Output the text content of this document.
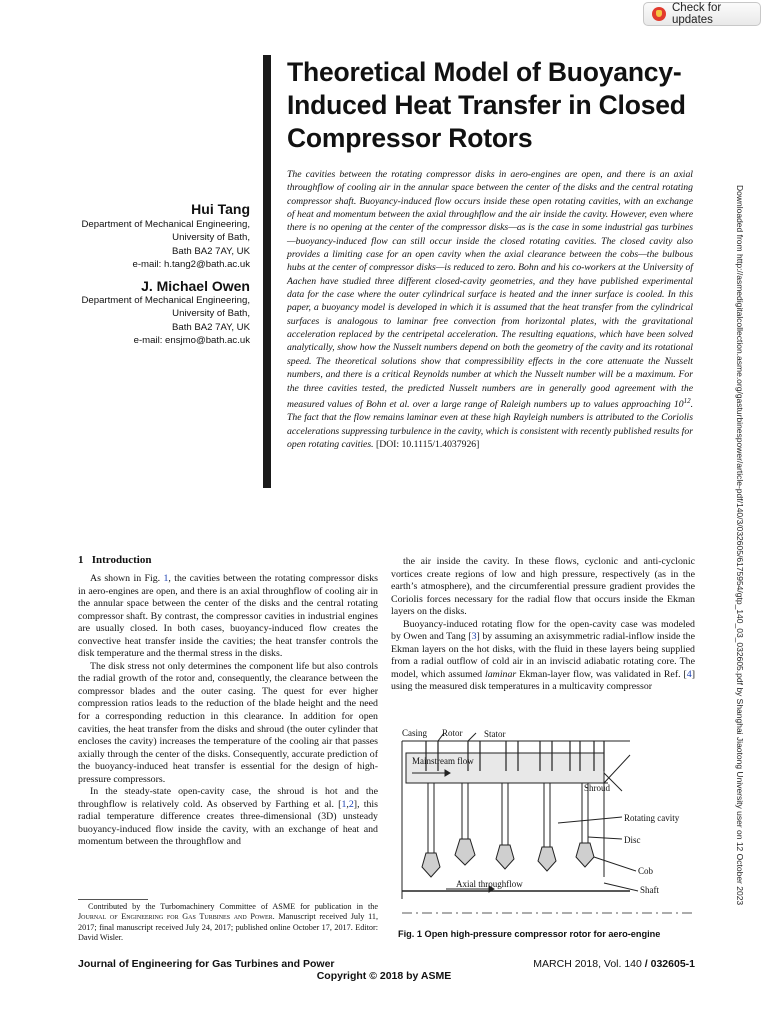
Check for updates
Theoretical Model of Buoyancy-Induced Heat Transfer in Closed Compressor Rotors
Hui Tang
Department of Mechanical Engineering,
University of Bath,
Bath BA2 7AY, UK
e-mail: h.tang2@bath.ac.uk
J. Michael Owen
Department of Mechanical Engineering,
University of Bath,
Bath BA2 7AY, UK
e-mail: ensjmo@bath.ac.uk
The cavities between the rotating compressor disks in aero-engines are open, and there is an axial throughflow of cooling air in the annular space between the center of the disks and the central rotating compressor shaft. Buoyancy-induced flow occurs inside these open rotating cavities, with an exchange of heat and momentum between the axial throughflow and the air inside the cavity. However, even where there is no opening at the center of the compressor disks—as is the case in some industrial gas turbines—buoyancy-induced flow can still occur inside the closed rotating cavities. The closed cavity also provides a limiting case for an open cavity when the axial clearance between the cobs—the bulbous hubs at the center of compressor disks—is reduced to zero. Bohn and his co-workers at the University of Aachen have studied three different closed-cavity geometries, and they have published experimental data for the case where the outer cylindrical surface is heated and the inner surface is cooled. In this paper, a buoyancy model is developed in which it is assumed that the heat transfer from the cylindrical surfaces is analogous to laminar free convection from horizontal plates, with the gravitational acceleration replaced by the centripetal acceleration. The resulting equations, which have been solved analytically, show how the Nusselt numbers depend on both the geometry of the cavity and its rotational speed. The theoretical solutions show that compressibility effects in the core attenuate the Nusselt numbers, and there is a critical Reynolds number at which the Nusselt number will be a maximum. For the three cavities tested, the predicted Nusselt numbers are in generally good agreement with the measured values of Bohn et al. over a large range of Raleigh numbers up to values approaching $10^{12}$. The fact that the flow remains laminar even at these high Rayleigh numbers is attributed to the Coriolis accelerations suppressing turbulence in the cavity, which is consistent with recently published results for open rotating cavities. [DOI: 10.1115/1.4037926]	Downloaded from http://asmedigitalcollection.asme.org/gasturbinespower/article-pdf/140/3/032605/6175954/gtp_140_03_032605.pdf by Shanghai Jiaotong University user on 12 October 2023
1 Introduction

As shown in Fig. 1, the cavities between the rotating compressor disks in aero-engines are open, and there is an axial throughflow of cooling air in the annular space between the center of the disks and the central rotating compressor shaft. By contrast, the compressor cavities in industrial engines are usually closed. In both cases, buoyancy-induced flow creates the convective heat transfer inside the cavities; the heat transfer controls the disk temperature and the thermal stress in the disks.

The disk stress not only determines the component life but also controls the radial growth of the rotor and, consequently, the clearance between the compressor blades and the outer casing. The quest for ever higher compression ratios leads to the reduction of the blade height and the need for a corresponding reduction in this clearance. In addition for open cavities, the heat transfer from the disks and shroud (the outer cylinder that encloses the cavity) increases the temperature of the cooling air that passes axially through the center of the disks. Consequently, accurate prediction of the buoyancy-induced heat transfer is essential for the design of high-pressure compressors.

In the steady-state open-cavity case, the shroud is hot and the throughflow is relatively cold. As observed by Farthing et al. [1,2], this radial temperature difference creates three-dimensional (3D) unsteady buoyancy-induced flow inside the cavity, with an exchange of heat and momentum between the throughflow and

the air inside the cavity. In these flows, cyclonic and anti-cyclonic vortices create regions of low and high pressure, respectively (as in the earth’s atmosphere), and the circumferential pressure gradient provides the Coriolis forces necessary for the radial flow that occurs inside the Ekman layers on the disks.

Buoyancy-induced rotating flow for the open-cavity case was modeled by Owen and Tang [3] by assuming an axisymmetric radial-inflow inside the Ekman layers on the hot disks, with the fluid in these layers being supplied from a radial outflow of cold air in an inviscid adiabatic rotating core. The model, which assumed laminar Ekman-layer flow, was validated in Ref. [4] using the measured disk temperatures in a multicavity compressor

Casing Rotor Stator
Mainstream flow
Shroud
Rotating cavity
Disc
Cob
Shaft
Axial throughflow
Fig. 1 Open high-pressure compressor rotor for aero-engine

Contributed by the Turbomachinery Committee of ASME for publication in the Journal of Engineering for Gas Turbines and Power. Manuscript received July 11, 2017; final manuscript received July 24, 2017; published online October 17, 2017. Editor: David Wisler.

Journal of Engineering for Gas Turbines and Power	MARCH 2018, Vol. 140 / 032605-1
Copyright © 2018 by ASME
